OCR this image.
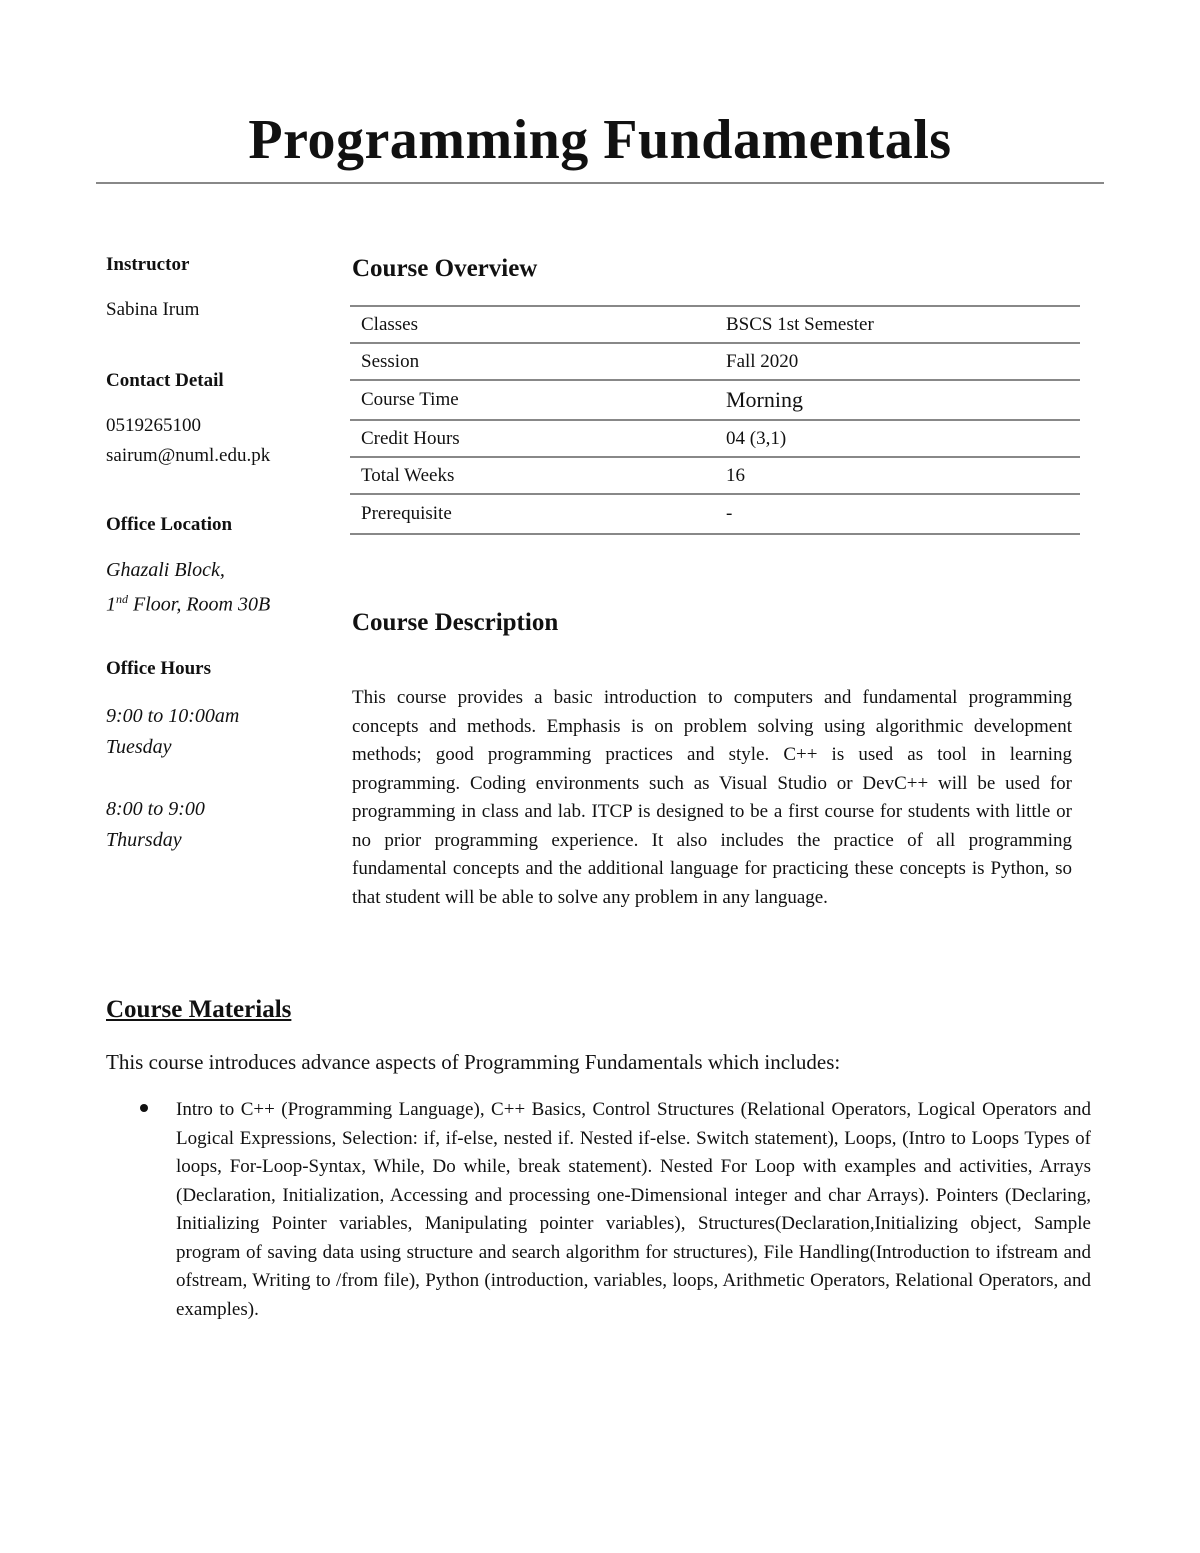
Programming Fundamentals
Instructor
Sabina Irum
Contact Detail
0519265100
sairum@numl.edu.pk
Office Location
Ghazali Block,
1nd Floor, Room 30B
Office Hours
9:00 to 10:00am
Tuesday
8:00 to 9:00
Thursday
Course Overview
Classes	BSCS 1st Semester
Session	Fall 2020
Course Time	Morning
Credit Hours	04 (3,1)
Total Weeks	16
Prerequisite	-
Course Description

This course provides a basic introduction to computers and fundamental programming concepts and methods. Emphasis is on problem solving using algorithmic development methods; good programming practices and style. C++ is used as tool in learning programming. Coding environments such as Visual Studio or DevC++ will be used for programming in class and lab. ITCP is designed to be a first course for students with little or no prior programming experience. It also includes the practice of all programming fundamental concepts and the additional language for practicing these concepts is Python, so that student will be able to solve any problem in any language.

Course Materials

This course introduces advance aspects of Programming Fundamentals which includes:

Intro to C++ (Programming Language), C++ Basics, Control Structures (Relational Operators, Logical Operators and Logical Expressions, Selection: if, if-else, nested if. Nested if-else. Switch statement), Loops, (Intro to Loops Types of loops, For-Loop-Syntax, While, Do while, break statement). Nested For Loop with examples and activities, Arrays (Declaration, Initialization, Accessing and processing one-Dimensional integer and char Arrays). Pointers (Declaring, Initializing Pointer variables, Manipulating pointer variables), Structures(Declaration,Initializing object, Sample program of saving data using structure and search algorithm for structures), File Handling(Introduction to ifstream and ofstream, Writing to /from file), Python (introduction, variables, loops, Arithmetic Operators, Relational Operators, and examples).
